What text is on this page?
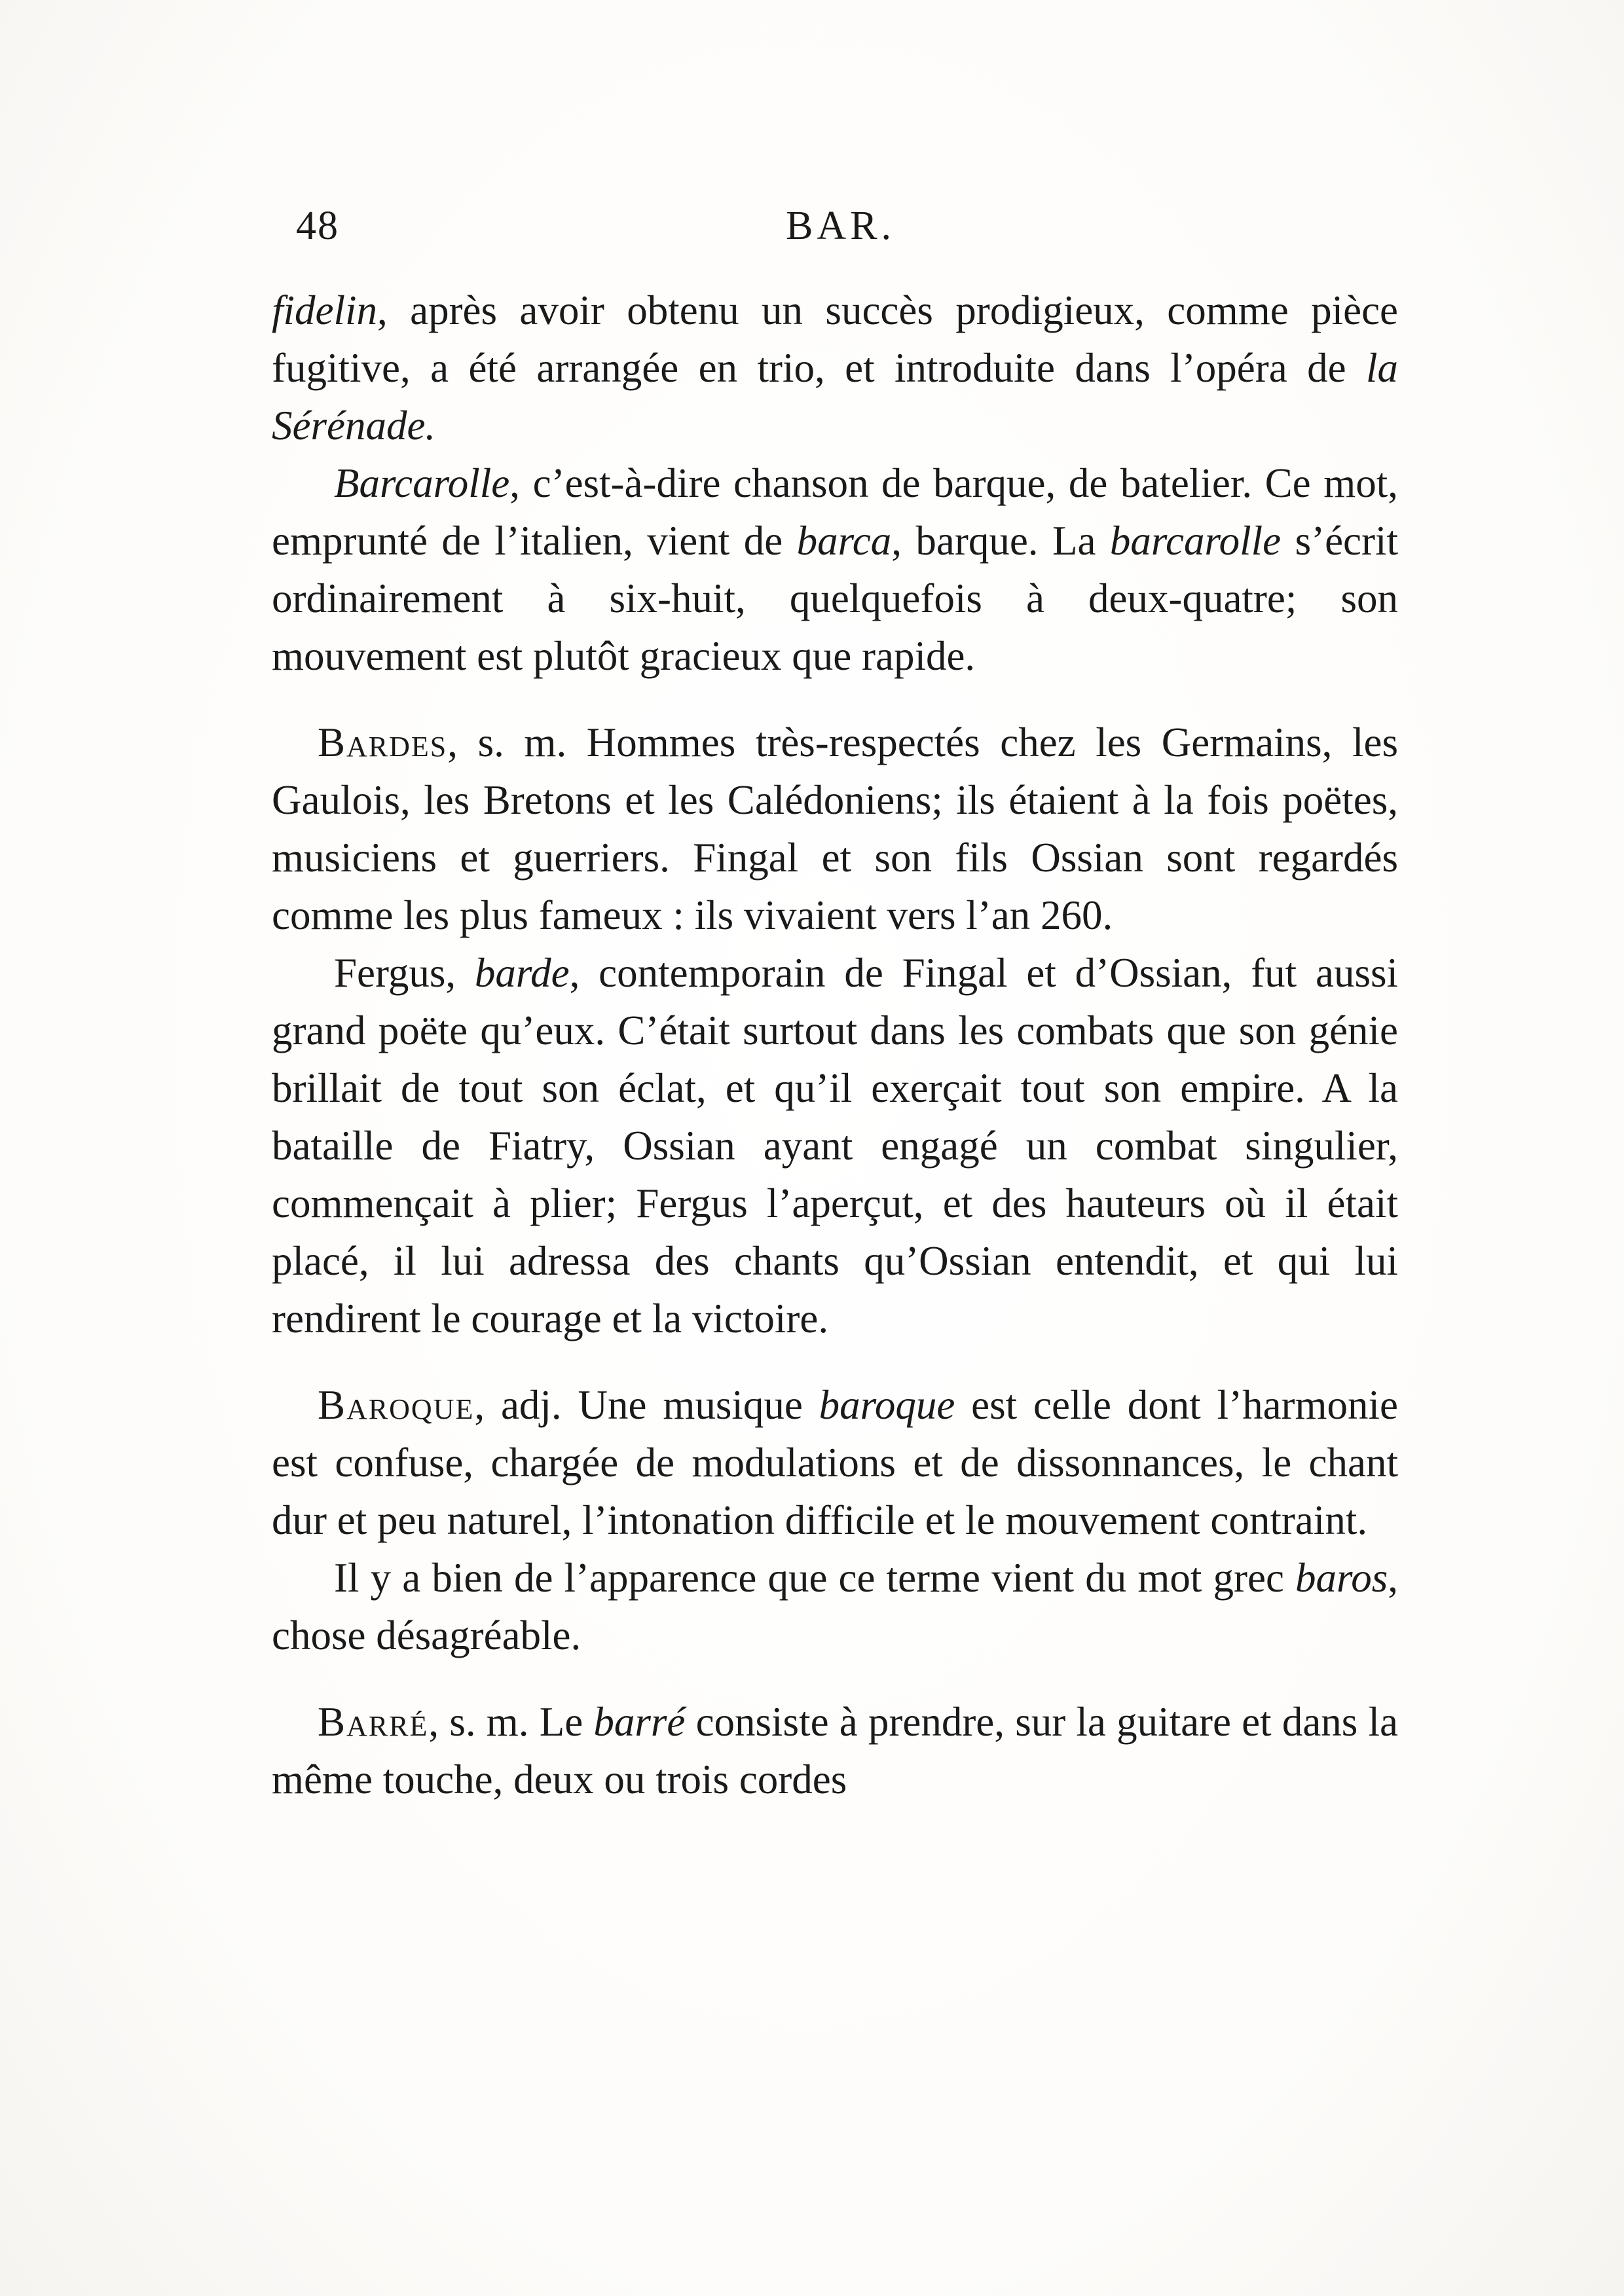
48	BAR.

fidelin, après avoir obtenu un succès prodigieux, comme pièce fugitive, a été arrangée en trio, et introduite dans l’opéra de la Sérénade.

Barcarolle, c’est-à-dire chanson de barque, de batelier. Ce mot, emprunté de l’italien, vient de barca, barque. La barcarolle s’écrit ordinairement à six-huit, quelquefois à deux-quatre; son mouvement est plutôt gracieux que rapide.

Bardes, s. m. Hommes très-respectés chez les Germains, les Gaulois, les Bretons et les Calédoniens; ils étaient à la fois poëtes, musiciens et guerriers. Fingal et son fils Ossian sont regardés comme les plus fameux : ils vivaient vers l’an 260.

Fergus, barde, contemporain de Fingal et d’Ossian, fut aussi grand poëte qu’eux. C’était surtout dans les combats que son génie brillait de tout son éclat, et qu’il exerçait tout son empire. A la bataille de Fiatry, Ossian ayant engagé un combat singulier, commençait à plier; Fergus l’aperçut, et des hauteurs où il était placé, il lui adressa des chants qu’Ossian entendit, et qui lui rendirent le courage et la victoire.

Baroque, adj. Une musique baroque est celle dont l’harmonie est confuse, chargée de modulations et de dissonnances, le chant dur et peu naturel, l’intonation difficile et le mouvement contraint.

Il y a bien de l’apparence que ce terme vient du mot grec baros, chose désagréable.

Barré, s. m. Le barré consiste à prendre, sur la guitare et dans la même touche, deux ou trois cordes
